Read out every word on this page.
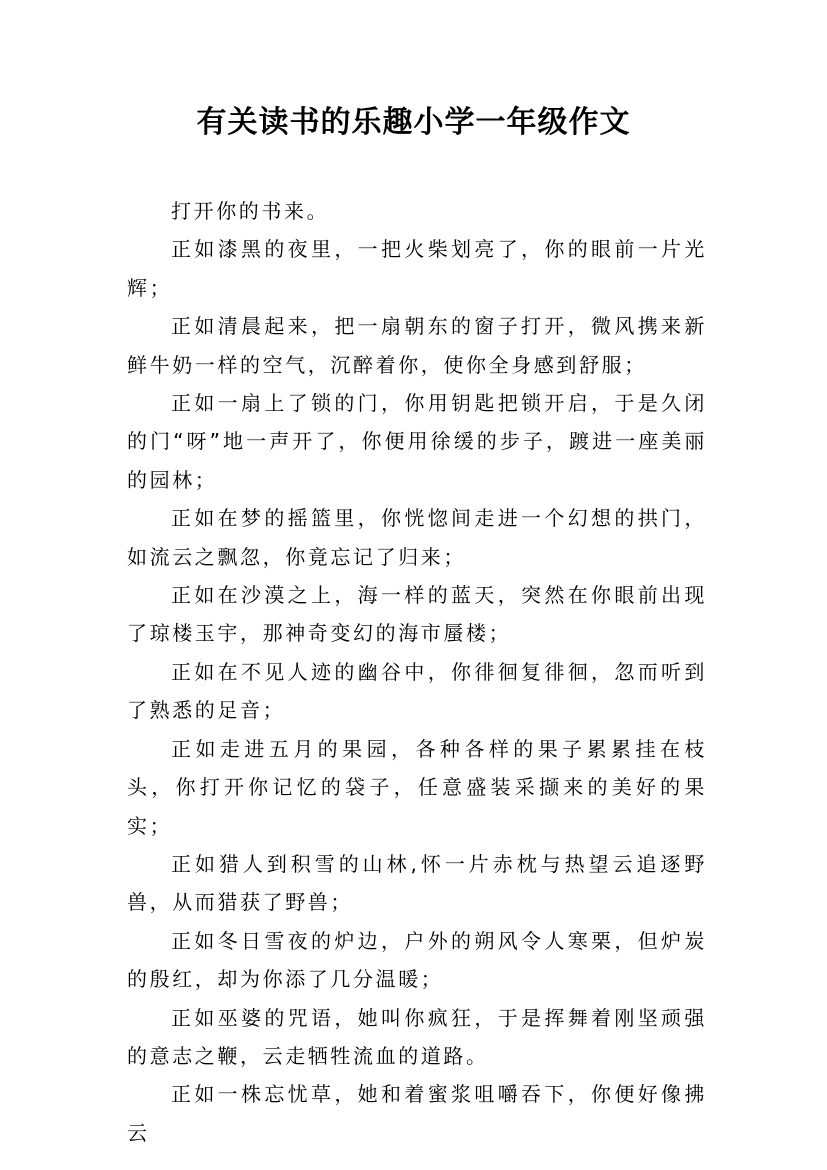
有关读书的乐趣小学一年级作文

打开你的书来。

正如漆黑的夜里，一把火柴划亮了，你的眼前一片光辉；

正如清晨起来，把一扇朝东的窗子打开，微风携来新鲜牛奶一样的空气，沉醉着你，使你全身感到舒服；

正如一扇上了锁的门，你用钥匙把锁开启，于是久闭的门“呀”地一声开了，你便用徐缓的步子，踱进一座美丽的园林；

正如在梦的摇篮里，你恍惚间走进一个幻想的拱门，如流云之飘忽，你竟忘记了归来；

正如在沙漠之上，海一样的蓝天，突然在你眼前出现了琼楼玉宇，那神奇变幻的海市蜃楼；

正如在不见人迹的幽谷中，你徘徊复徘徊，忽而听到了熟悉的足音；

正如走进五月的果园，各种各样的果子累累挂在枝头，你打开你记忆的袋子，任意盛装采撷来的美好的果实；

正如猎人到积雪的山林,怀一片赤枕与热望云追逐野兽，从而猎获了野兽；

正如冬日雪夜的炉边，户外的朔风令人寒栗，但炉炭的殷红，却为你添了几分温暖；

正如巫婆的咒语，她叫你疯狂，于是挥舞着刚坚顽强的意志之鞭，云走牺牲流血的道路。

正如一株忘忧草，她和着蜜浆咀嚼吞下，你便好像拂云
